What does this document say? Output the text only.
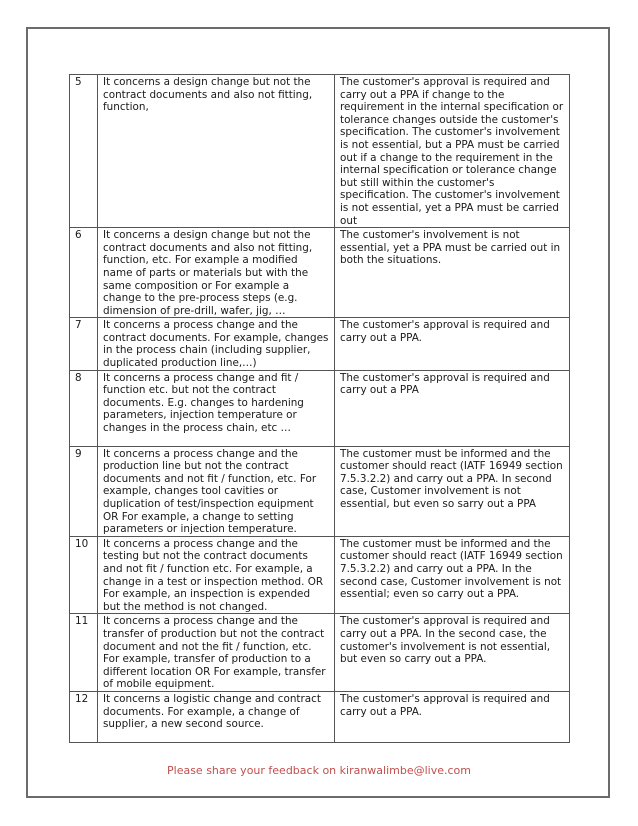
5	It concerns a design change but not the contract documents and also not fitting, function,	The customer's approval is required and carry out a PPA if change to the requirement in the internal specification or tolerance changes outside the customer's specification. The customer's involvement is not essential, but a PPA must be carried out if a change to the requirement in the internal specification or tolerance change but still within the customer's specification. The customer's involvement is not essential, yet a PPA must be carried out
6	It concerns a design change but not the contract documents and also not fitting, function, etc. For example a modified name of parts or materials but with the same composition or For example a change to the pre-process steps (e.g. dimension of pre-drill, wafer, jig, …	The customer's involvement is not essential, yet a PPA must be carried out in both the situations.
7	It concerns a process change and the contract documents. For example, changes in the process chain (including supplier, duplicated production line,…)	The customer's approval is required and carry out a PPA.
8	It concerns a process change and fit / function etc. but not the contract documents. E.g. changes to hardening parameters, injection temperature or changes in the process chain, etc …	The customer's approval is required and carry out a PPA
9	It concerns a process change and the production line but not the contract documents and not fit / function, etc. For example, changes tool cavities or duplication of test/inspection equipment OR For example, a change to setting parameters or injection temperature.	The customer must be informed and the customer should react (IATF 16949 section 7.5.3.2.2) and carry out a PPA. In second case, Customer involvement is not essential, but even so sarry out a PPA
10	It concerns a process change and the testing but not the contract documents and not fit / function etc. For example, a change in a test or inspection method. OR For example, an inspection is expended but the method is not changed.	The customer must be informed and the customer should react (IATF 16949 section 7.5.3.2.2) and carry out a PPA. In the second case, Customer involvement is not essential; even so carry out a PPA.
11	It concerns a process change and the transfer of production but not the contract document and not the fit / function, etc. For example, transfer of production to a different location OR For example, transfer of mobile equipment.	The customer's approval is required and carry out a PPA. In the second case, the customer's involvement is not essential, but even so carry out a PPA.
12	It concerns a logistic change and contract documents. For example, a change of supplier, a new second source.	The customer's approval is required and carry out a PPA.
Please share your feedback on kiranwalimbe@live.com
